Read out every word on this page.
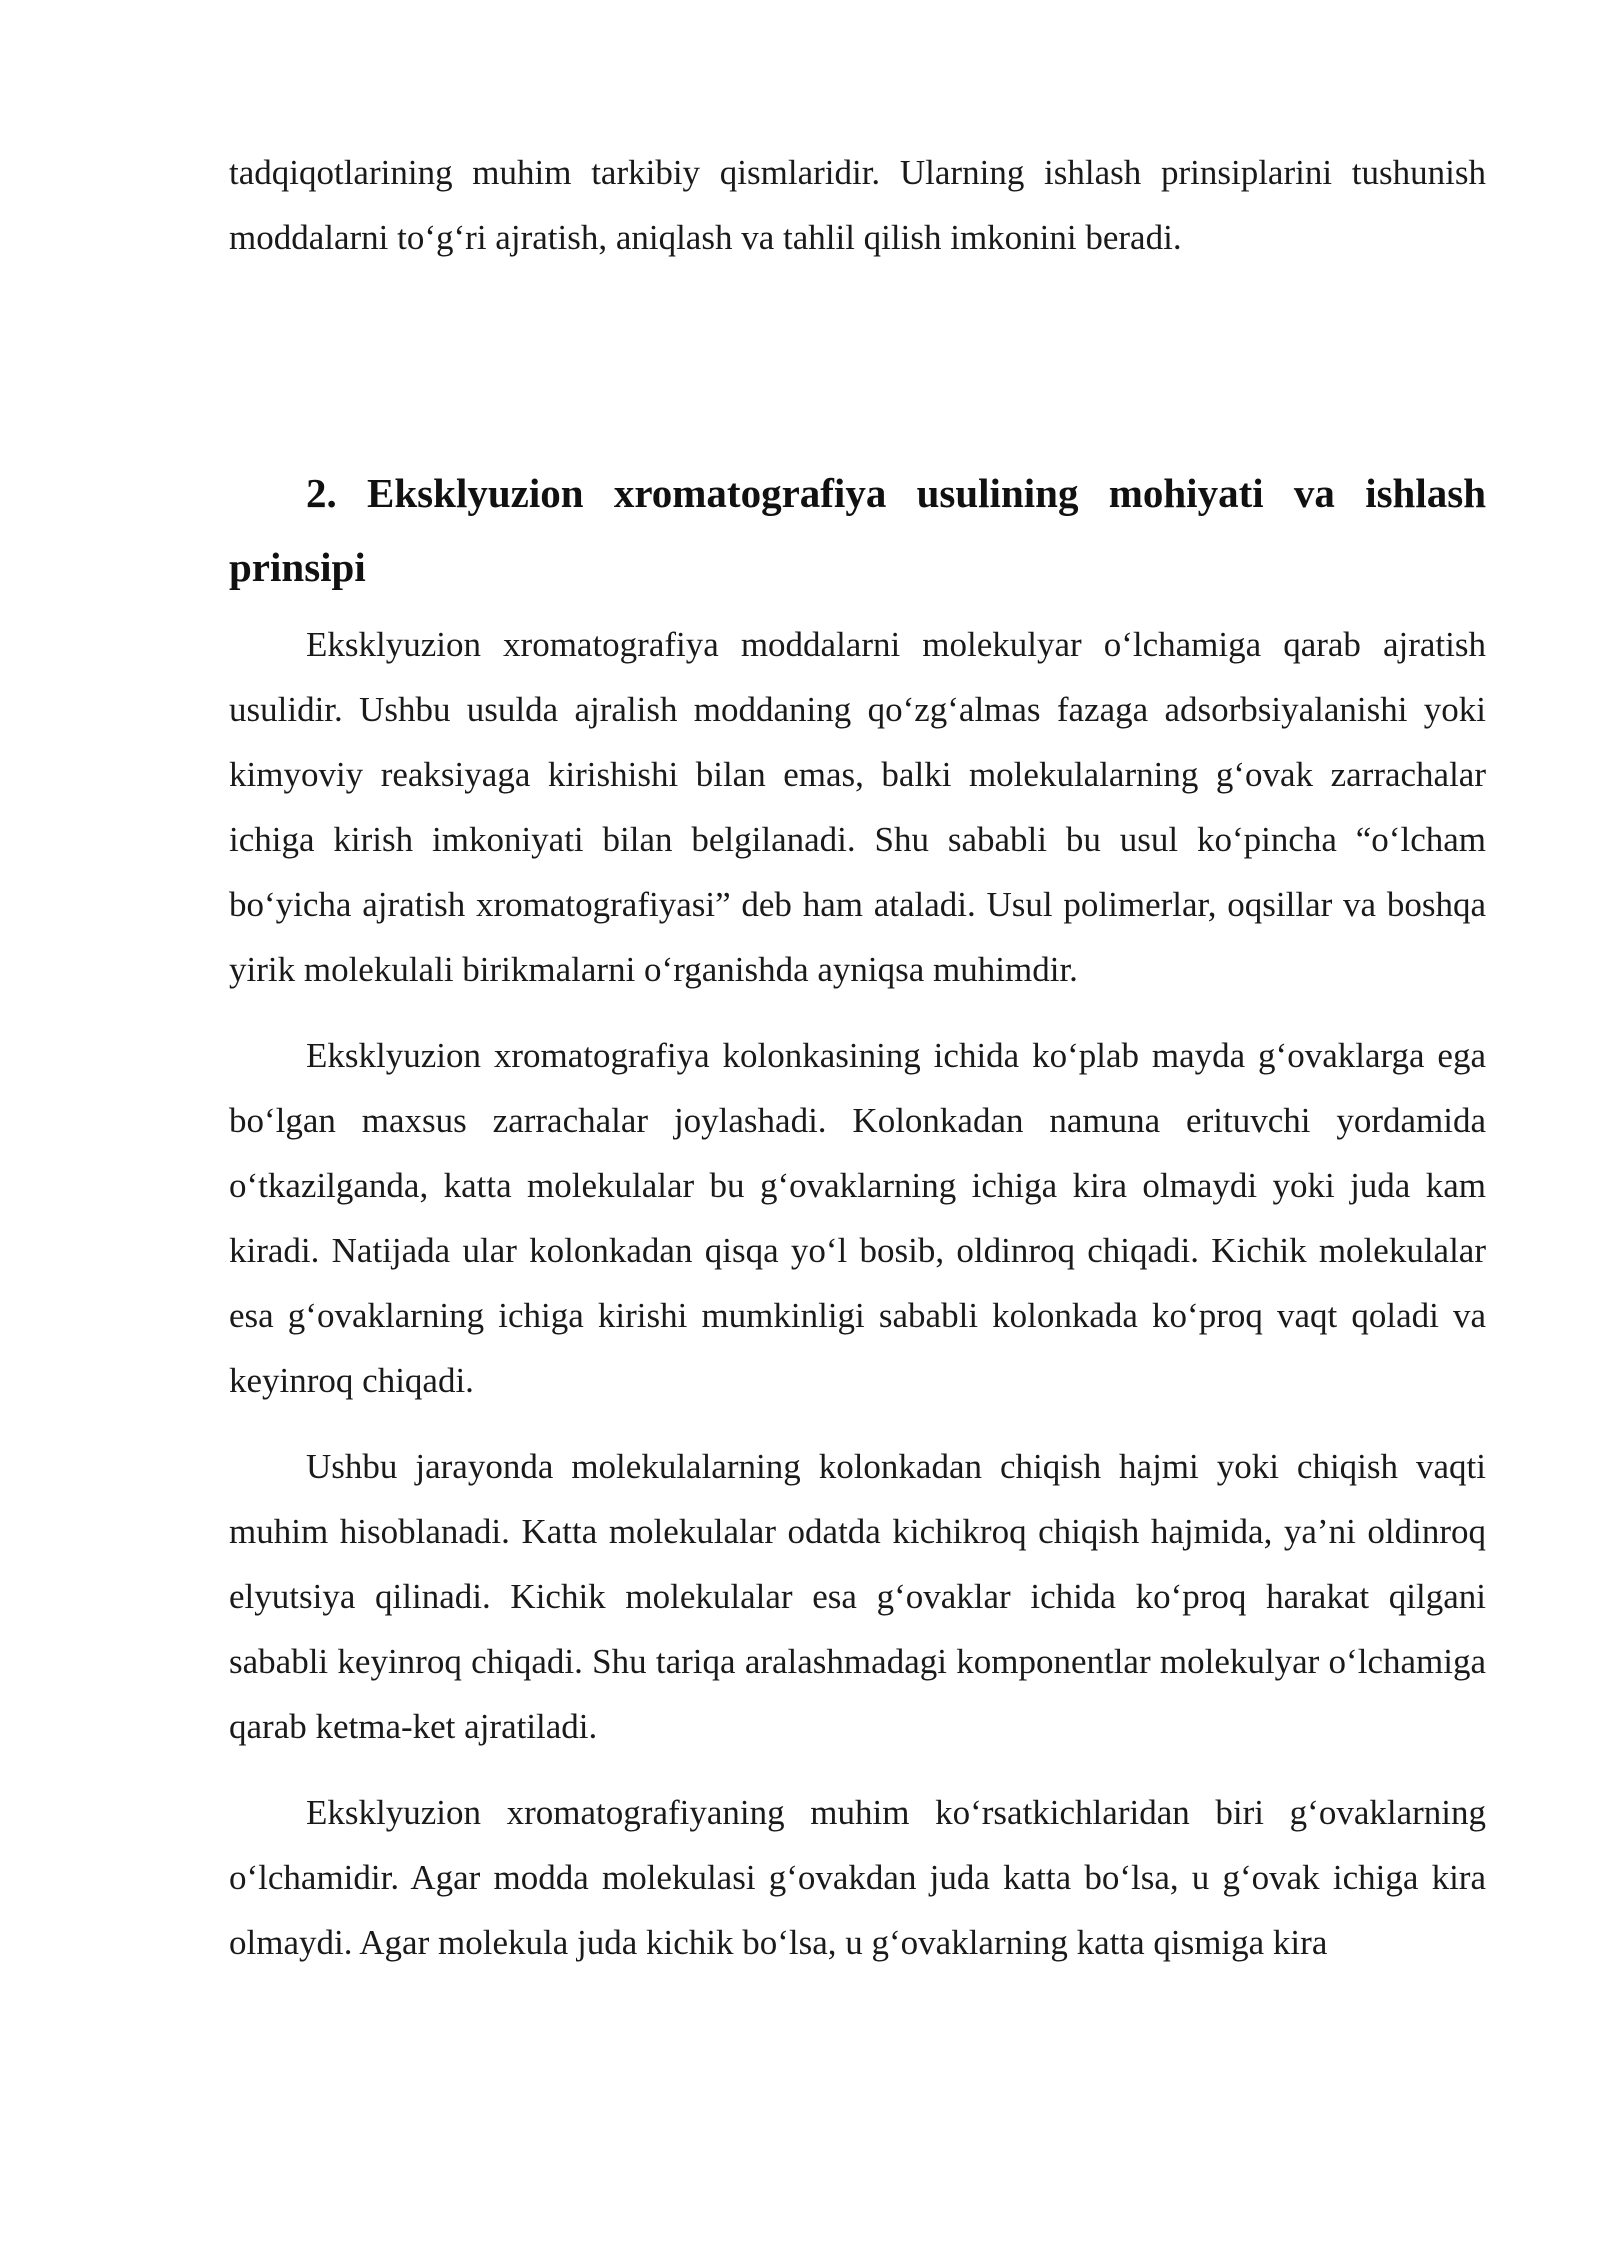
tadqiqotlarining muhim tarkibiy qismlaridir. Ularning ishlash prinsiplarini tushunish moddalarni to‘g‘ri ajratish, aniqlash va tahlil qilish imkonini beradi.

2. Eksklyuzion xromatografiya usulining mohiyati va ishlash prinsipi

Eksklyuzion xromatografiya moddalarni molekulyar o‘lchamiga qarab ajratish usulidir. Ushbu usulda ajralish moddaning qo‘zg‘almas fazaga adsorbsiyalanishi yoki kimyoviy reaksiyaga kirishishi bilan emas, balki molekulalarning g‘ovak zarrachalar ichiga kirish imkoniyati bilan belgilanadi. Shu sababli bu usul ko‘pincha “o‘lcham bo‘yicha ajratish xromatografiyasi” deb ham ataladi. Usul polimerlar, oqsillar va boshqa yirik molekulali birikmalarni o‘rganishda ayniqsa muhimdir.

Eksklyuzion xromatografiya kolonkasining ichida ko‘plab mayda g‘ovaklarga ega bo‘lgan maxsus zarrachalar joylashadi. Kolonkadan namuna erituvchi yordamida o‘tkazilganda, katta molekulalar bu g‘ovaklarning ichiga kira olmaydi yoki juda kam kiradi. Natijada ular kolonkadan qisqa yo‘l bosib, oldinroq chiqadi. Kichik molekulalar esa g‘ovaklarning ichiga kirishi mumkinligi sababli kolonkada ko‘proq vaqt qoladi va keyinroq chiqadi.

Ushbu jarayonda molekulalarning kolonkadan chiqish hajmi yoki chiqish vaqti muhim hisoblanadi. Katta molekulalar odatda kichikroq chiqish hajmida, ya’ni oldinroq elyutsiya qilinadi. Kichik molekulalar esa g‘ovaklar ichida ko‘proq harakat qilgani sababli keyinroq chiqadi. Shu tariqa aralashmadagi komponentlar molekulyar o‘lchamiga qarab ketma-ket ajratiladi.

Eksklyuzion xromatografiyaning muhim ko‘rsatkichlaridan biri g‘ovaklarning o‘lchamidir. Agar modda molekulasi g‘ovakdan juda katta bo‘lsa, u g‘ovak ichiga kira olmaydi. Agar molekula juda kichik bo‘lsa, u g‘ovaklarning katta qismiga kira
